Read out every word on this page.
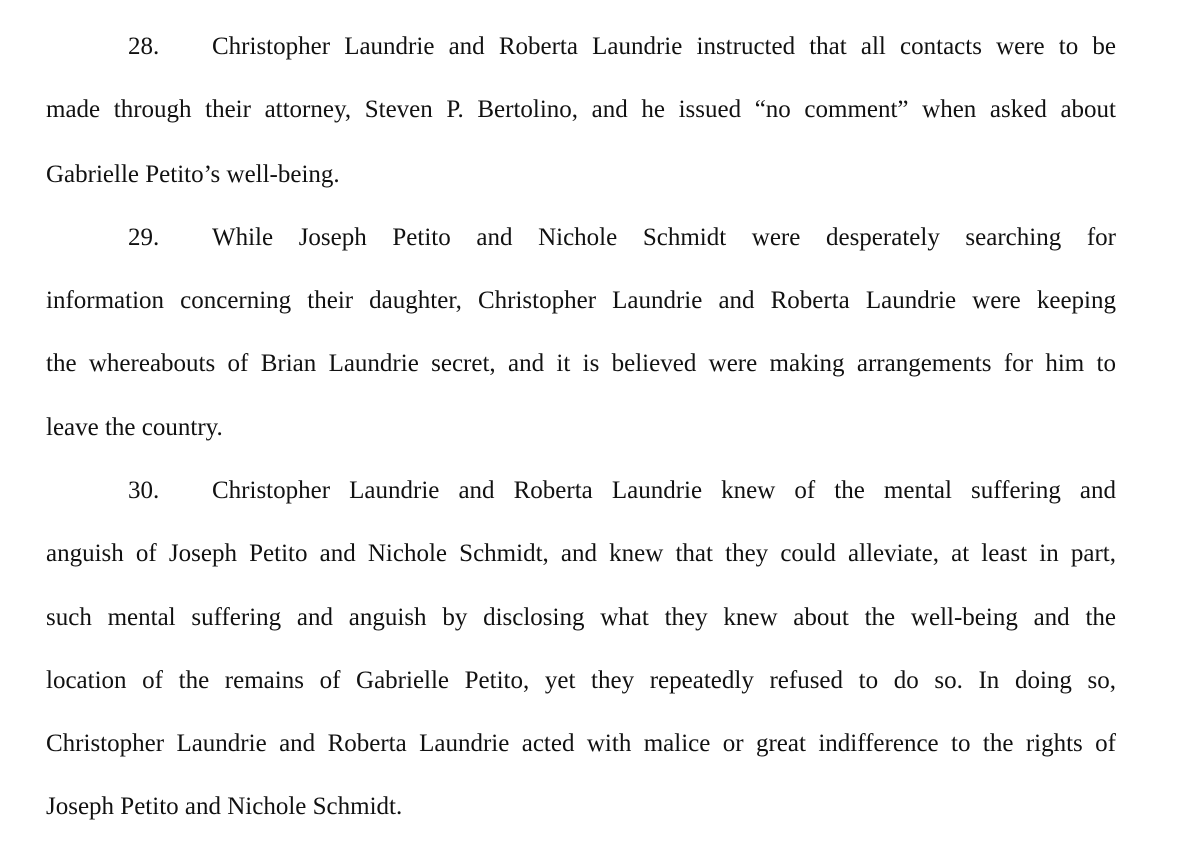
28. Christopher Laundrie and Roberta Laundrie instructed that all contacts were to be
made through their attorney, Steven P. Bertolino, and he issued “no comment” when asked about
Gabrielle Petito’s well-being.
29. While Joseph Petito and Nichole Schmidt were desperately searching for
information concerning their daughter, Christopher Laundrie and Roberta Laundrie were keeping
the whereabouts of Brian Laundrie secret, and it is believed were making arrangements for him to
leave the country.
30. Christopher Laundrie and Roberta Laundrie knew of the mental suffering and
anguish of Joseph Petito and Nichole Schmidt, and knew that they could alleviate, at least in part,
such mental suffering and anguish by disclosing what they knew about the well-being and the
location of the remains of Gabrielle Petito, yet they repeatedly refused to do so. In doing so,
Christopher Laundrie and Roberta Laundrie acted with malice or great indifference to the rights of
Joseph Petito and Nichole Schmidt.
